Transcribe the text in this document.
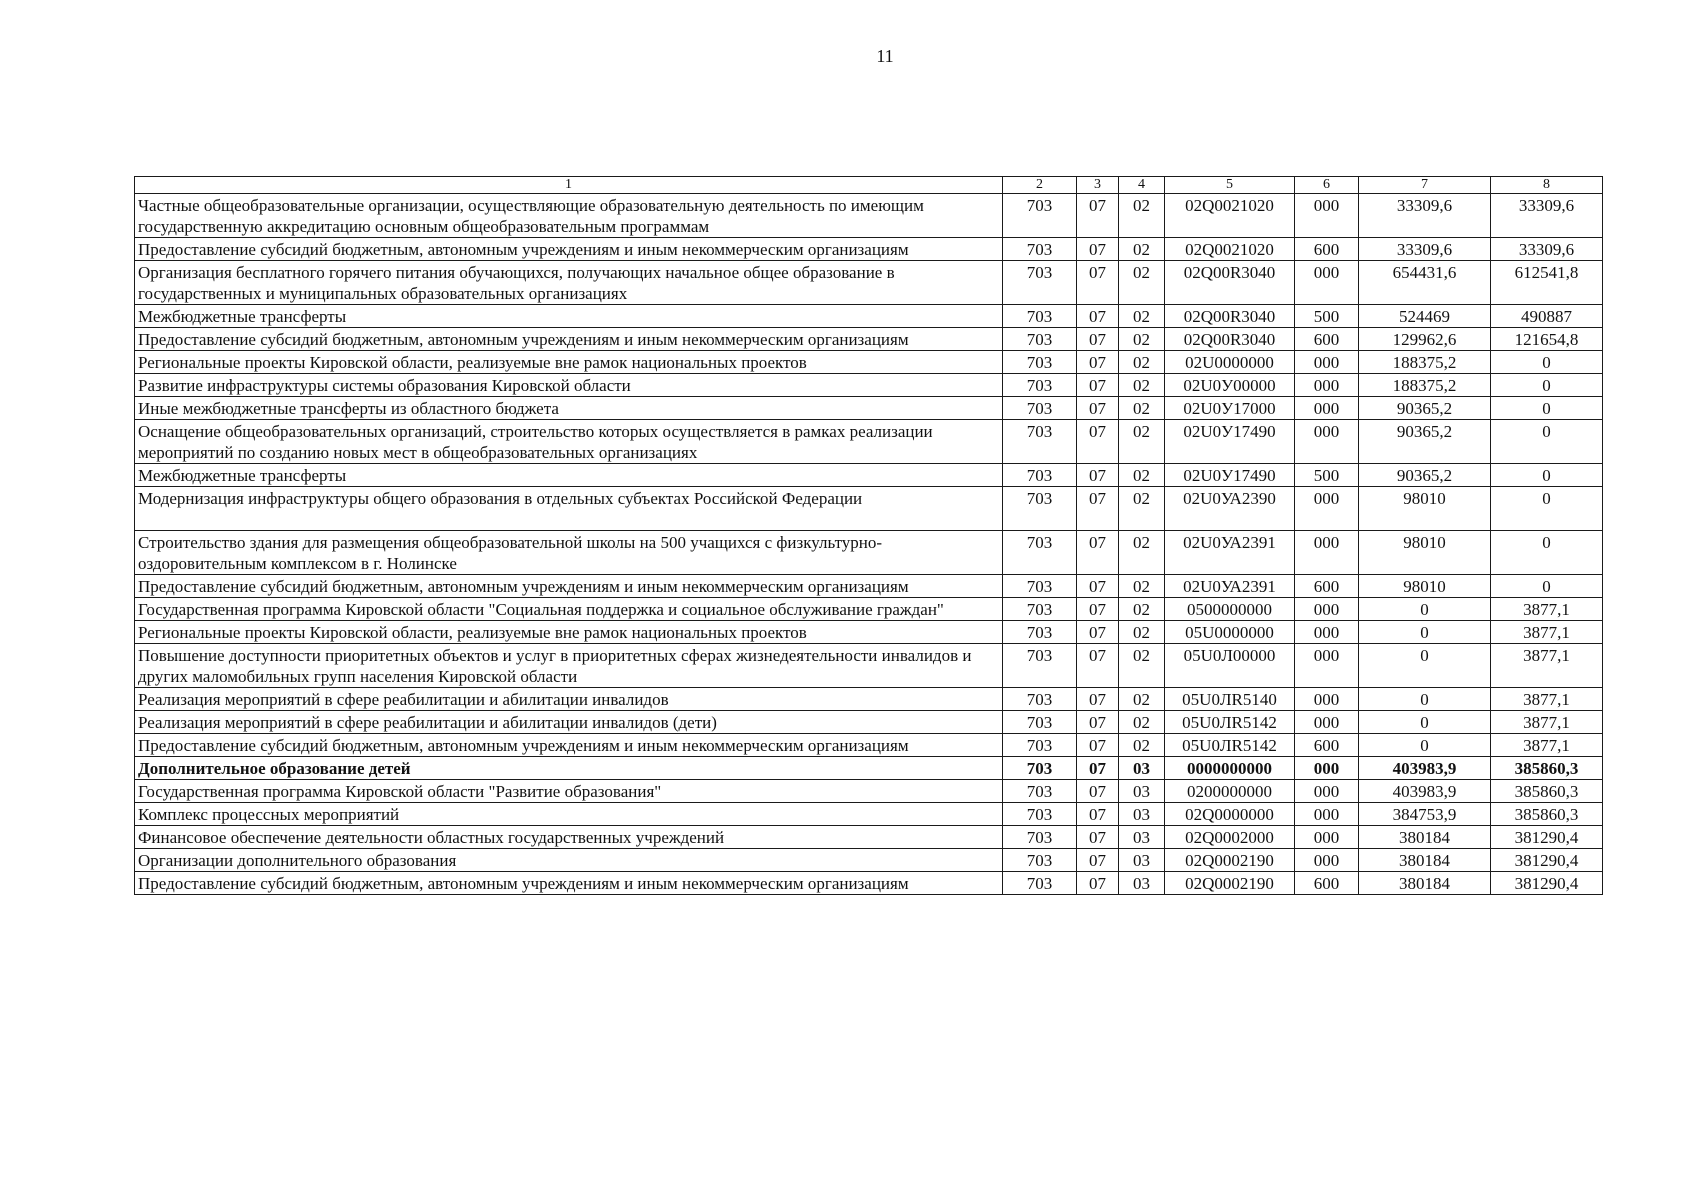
11
1	2	3	4	5	6	7	8
Частные общеобразовательные организации, осуществляющие образовательную деятельность по имеющим государственную аккредитацию основным общеобразовательным программам	703	07	02	02Q0021020	000	33309,6	33309,6
Предоставление субсидий бюджетным, автономным учреждениям и иным некоммерческим организациям	703	07	02	02Q0021020	600	33309,6	33309,6
Организация бесплатного горячего питания обучающихся, получающих начальное общее образование в государственных и муниципальных образовательных организациях	703	07	02	02Q00R3040	000	654431,6	612541,8
Межбюджетные трансферты	703	07	02	02Q00R3040	500	524469	490887
Предоставление субсидий бюджетным, автономным учреждениям и иным некоммерческим организациям	703	07	02	02Q00R3040	600	129962,6	121654,8
Региональные проекты Кировской области, реализуемые вне рамок национальных проектов	703	07	02	02U0000000	000	188375,2	0
Развитие инфраструктуры системы образования Кировской области	703	07	02	02U0У00000	000	188375,2	0
Иные межбюджетные трансферты из областного бюджета	703	07	02	02U0У17000	000	90365,2	0
Оснащение общеобразовательных организаций, строительство которых осуществляется в рамках реализации мероприятий по созданию новых мест в общеобразовательных организациях	703	07	02	02U0У17490	000	90365,2	0
Межбюджетные трансферты	703	07	02	02U0У17490	500	90365,2	0
Модернизация инфраструктуры общего образования в отдельных субъектах Российской Федерации	703	07	02	02U0УА2390	000	98010	0
Строительство здания для размещения общеобразовательной школы на 500 учащихся с физкультурно-оздоровительным комплексом в г. Нолинске	703	07	02	02U0УА2391	000	98010	0
Предоставление субсидий бюджетным, автономным учреждениям и иным некоммерческим организациям	703	07	02	02U0УА2391	600	98010	0
Государственная программа Кировской области "Социальная поддержка и социальное обслуживание граждан"	703	07	02	0500000000	000	0	3877,1
Региональные проекты Кировской области, реализуемые вне рамок национальных проектов	703	07	02	05U0000000	000	0	3877,1
Повышение доступности приоритетных объектов и услуг в приоритетных сферах жизнедеятельности инвалидов и других маломобильных групп населения Кировской области	703	07	02	05U0Л00000	000	0	3877,1
Реализация мероприятий в сфере реабилитации и абилитации инвалидов	703	07	02	05U0ЛR5140	000	0	3877,1
Реализация мероприятий в сфере реабилитации и абилитации инвалидов (дети)	703	07	02	05U0ЛR5142	000	0	3877,1
Предоставление субсидий бюджетным, автономным учреждениям и иным некоммерческим организациям	703	07	02	05U0ЛR5142	600	0	3877,1
Дополнительное образование детей	703	07	03	0000000000	000	403983,9	385860,3
Государственная программа Кировской области "Развитие образования"	703	07	03	0200000000	000	403983,9	385860,3
Комплекс процессных мероприятий	703	07	03	02Q0000000	000	384753,9	385860,3
Финансовое обеспечение деятельности областных государственных учреждений	703	07	03	02Q0002000	000	380184	381290,4
Организации дополнительного образования	703	07	03	02Q0002190	000	380184	381290,4
Предоставление субсидий бюджетным, автономным учреждениям и иным некоммерческим организациям	703	07	03	02Q0002190	600	380184	381290,4
